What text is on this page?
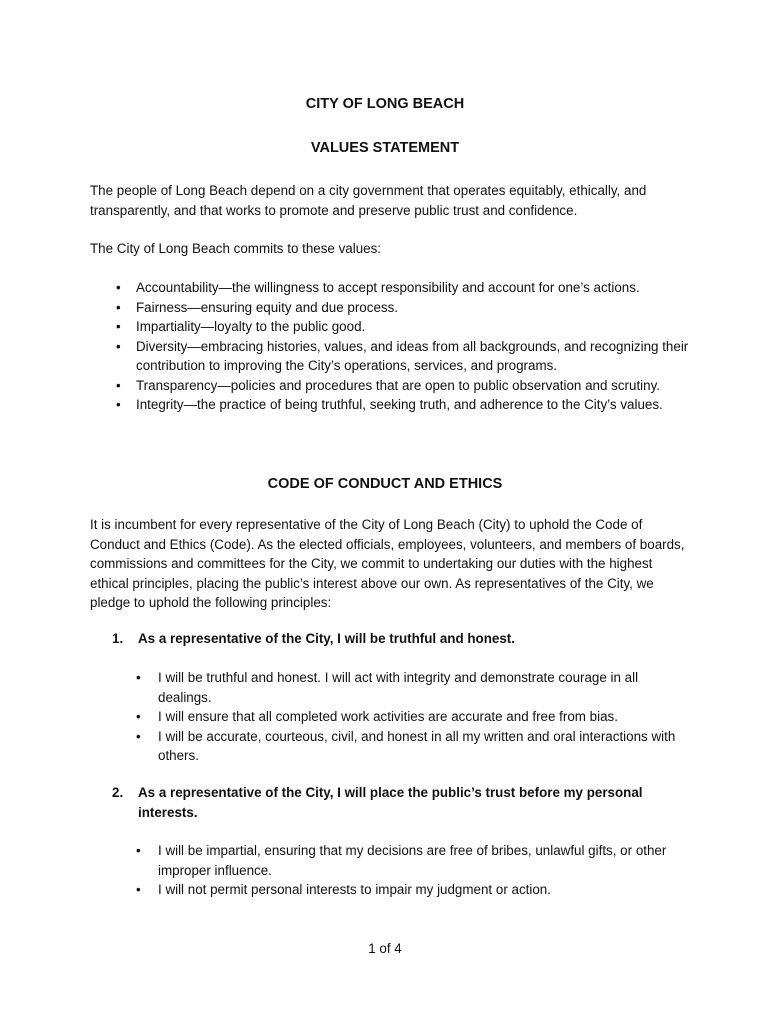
CITY OF LONG BEACH
VALUES STATEMENT
The people of Long Beach depend on a city government that operates equitably, ethically, and transparently, and that works to promote and preserve public trust and confidence.
The City of Long Beach commits to these values:
• Accountability—the willingness to accept responsibility and account for one’s actions.
• Fairness—ensuring equity and due process.
• Impartiality—loyalty to the public good.
• Diversity—embracing histories, values, and ideas from all backgrounds, and recognizing their contribution to improving the City’s operations, services, and programs.
• Transparency—policies and procedures that are open to public observation and scrutiny.
• Integrity—the practice of being truthful, seeking truth, and adherence to the City’s values.
CODE OF CONDUCT AND ETHICS
It is incumbent for every representative of the City of Long Beach (City) to uphold the Code of Conduct and Ethics (Code). As the elected officials, employees, volunteers, and members of boards, commissions and committees for the City, we commit to undertaking our duties with the highest ethical principles, placing the public’s interest above our own. As representatives of the City, we pledge to uphold the following principles:
1.	As a representative of the City, I will be truthful and honest.
• I will be truthful and honest. I will act with integrity and demonstrate courage in all dealings.
• I will ensure that all completed work activities are accurate and free from bias.
• I will be accurate, courteous, civil, and honest in all my written and oral interactions with others.
2.	As a representative of the City, I will place the public’s trust before my personal interests.
• I will be impartial, ensuring that my decisions are free of bribes, unlawful gifts, or other improper influence.
• I will not permit personal interests to impair my judgment or action.
1 of 4
